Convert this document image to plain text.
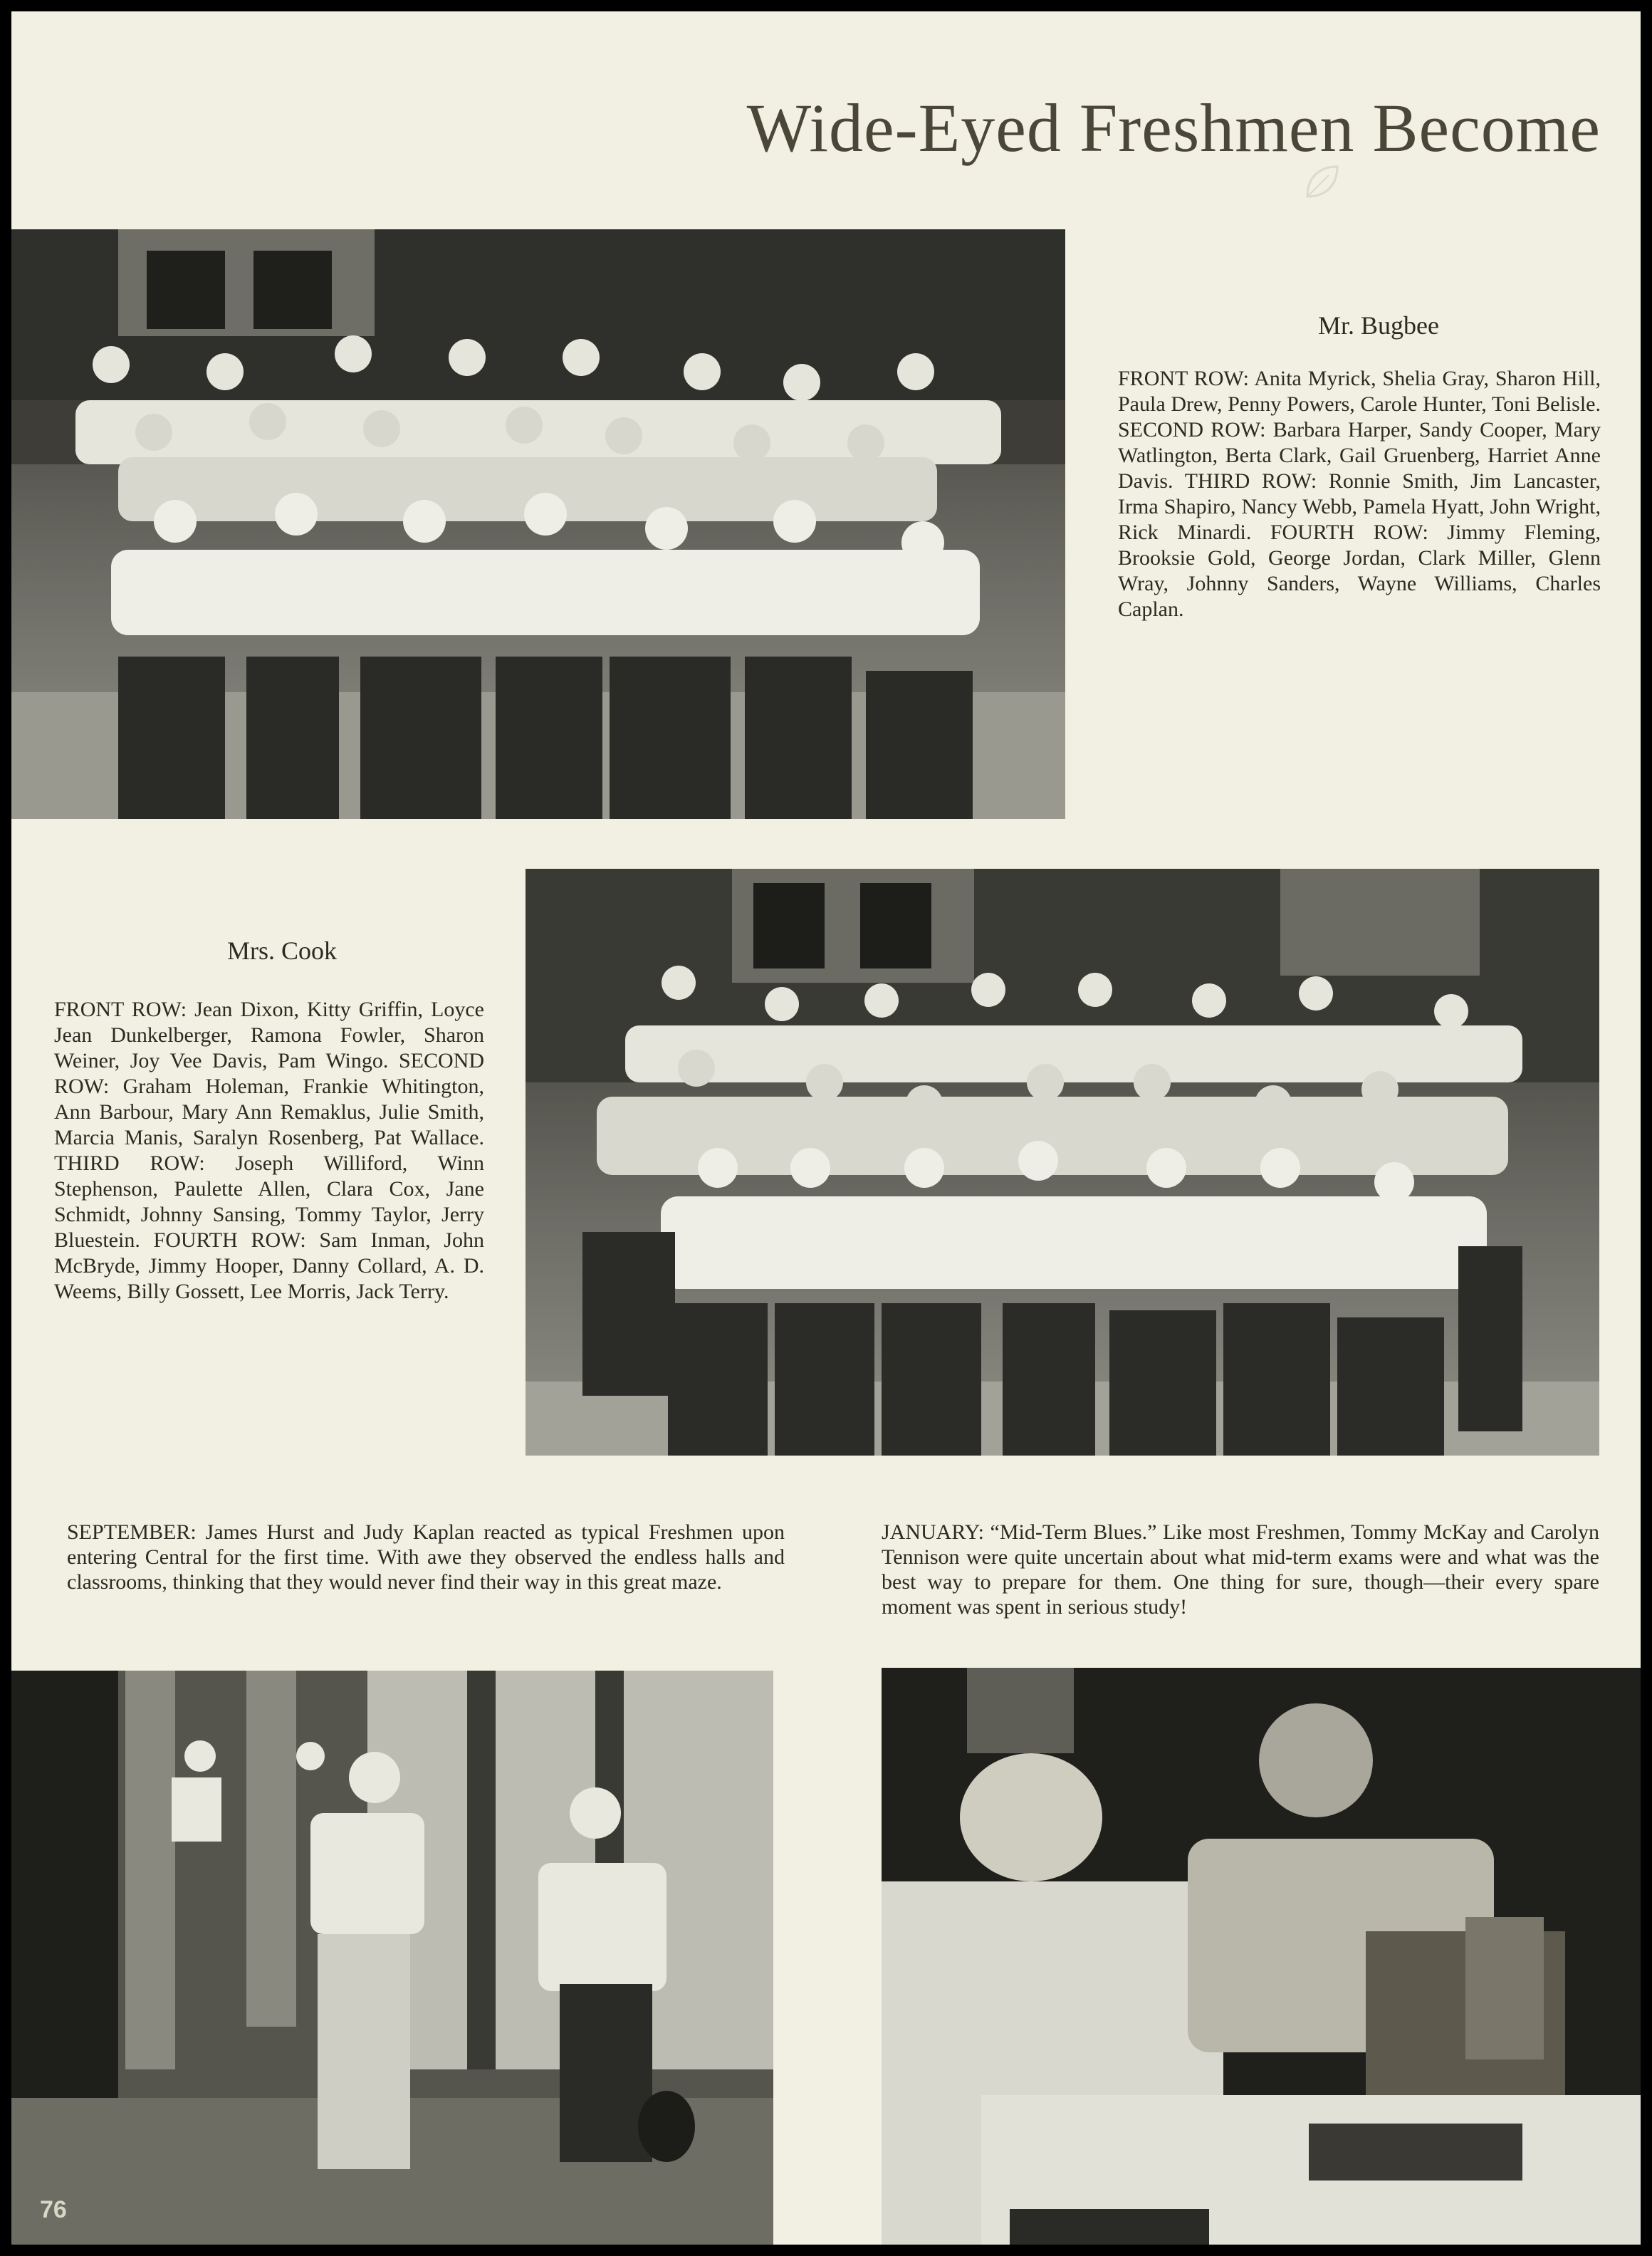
Wide-Eyed Freshmen Become
Mr. Bugbee
FRONT ROW: Anita Myrick, Shelia Gray, Sharon Hill, Paula Drew, Penny Powers, Carole Hunter, Toni Belisle. SECOND ROW: Barbara Harper, Sandy Cooper, Mary Watlington, Berta Clark, Gail Gruenberg, Harriet Anne Davis. THIRD ROW: Ronnie Smith, Jim Lancaster, Irma Shapiro, Nancy Webb, Pamela Hyatt, John Wright, Rick Minardi. FOURTH ROW: Jimmy Fleming, Brooksie Gold, George Jordan, Clark Miller, Glenn Wray, Johnny Sanders, Wayne Williams, Charles Caplan.
Mrs. Cook
FRONT ROW: Jean Dixon, Kitty Griffin, Loyce Jean Dunkelberger, Ramona Fowler, Sharon Weiner, Joy Vee Davis, Pam Wingo. SECOND ROW: Graham Holeman, Frankie Whitington, Ann Barbour, Mary Ann Remaklus, Julie Smith, Marcia Manis, Saralyn Rosenberg, Pat Wallace. THIRD ROW: Joseph Williford, Winn Stephenson, Paulette Allen, Clara Cox, Jane Schmidt, Johnny Sansing, Tommy Taylor, Jerry Bluestein. FOURTH ROW: Sam Inman, John McBryde, Jimmy Hooper, Danny Collard, A. D. Weems, Billy Gossett, Lee Morris, Jack Terry.
SEPTEMBER: James Hurst and Judy Kaplan reacted as typical Freshmen upon entering Central for the first time. With awe they observed the endless halls and classrooms, thinking that they would never find their way in this great maze.
JANUARY: “Mid-Term Blues.” Like most Freshmen, Tommy McKay and Carolyn Tennison were quite uncertain about what mid-term exams were and what was the best way to prepare for them. One thing for sure, though—their every spare moment was spent in serious study!
76
